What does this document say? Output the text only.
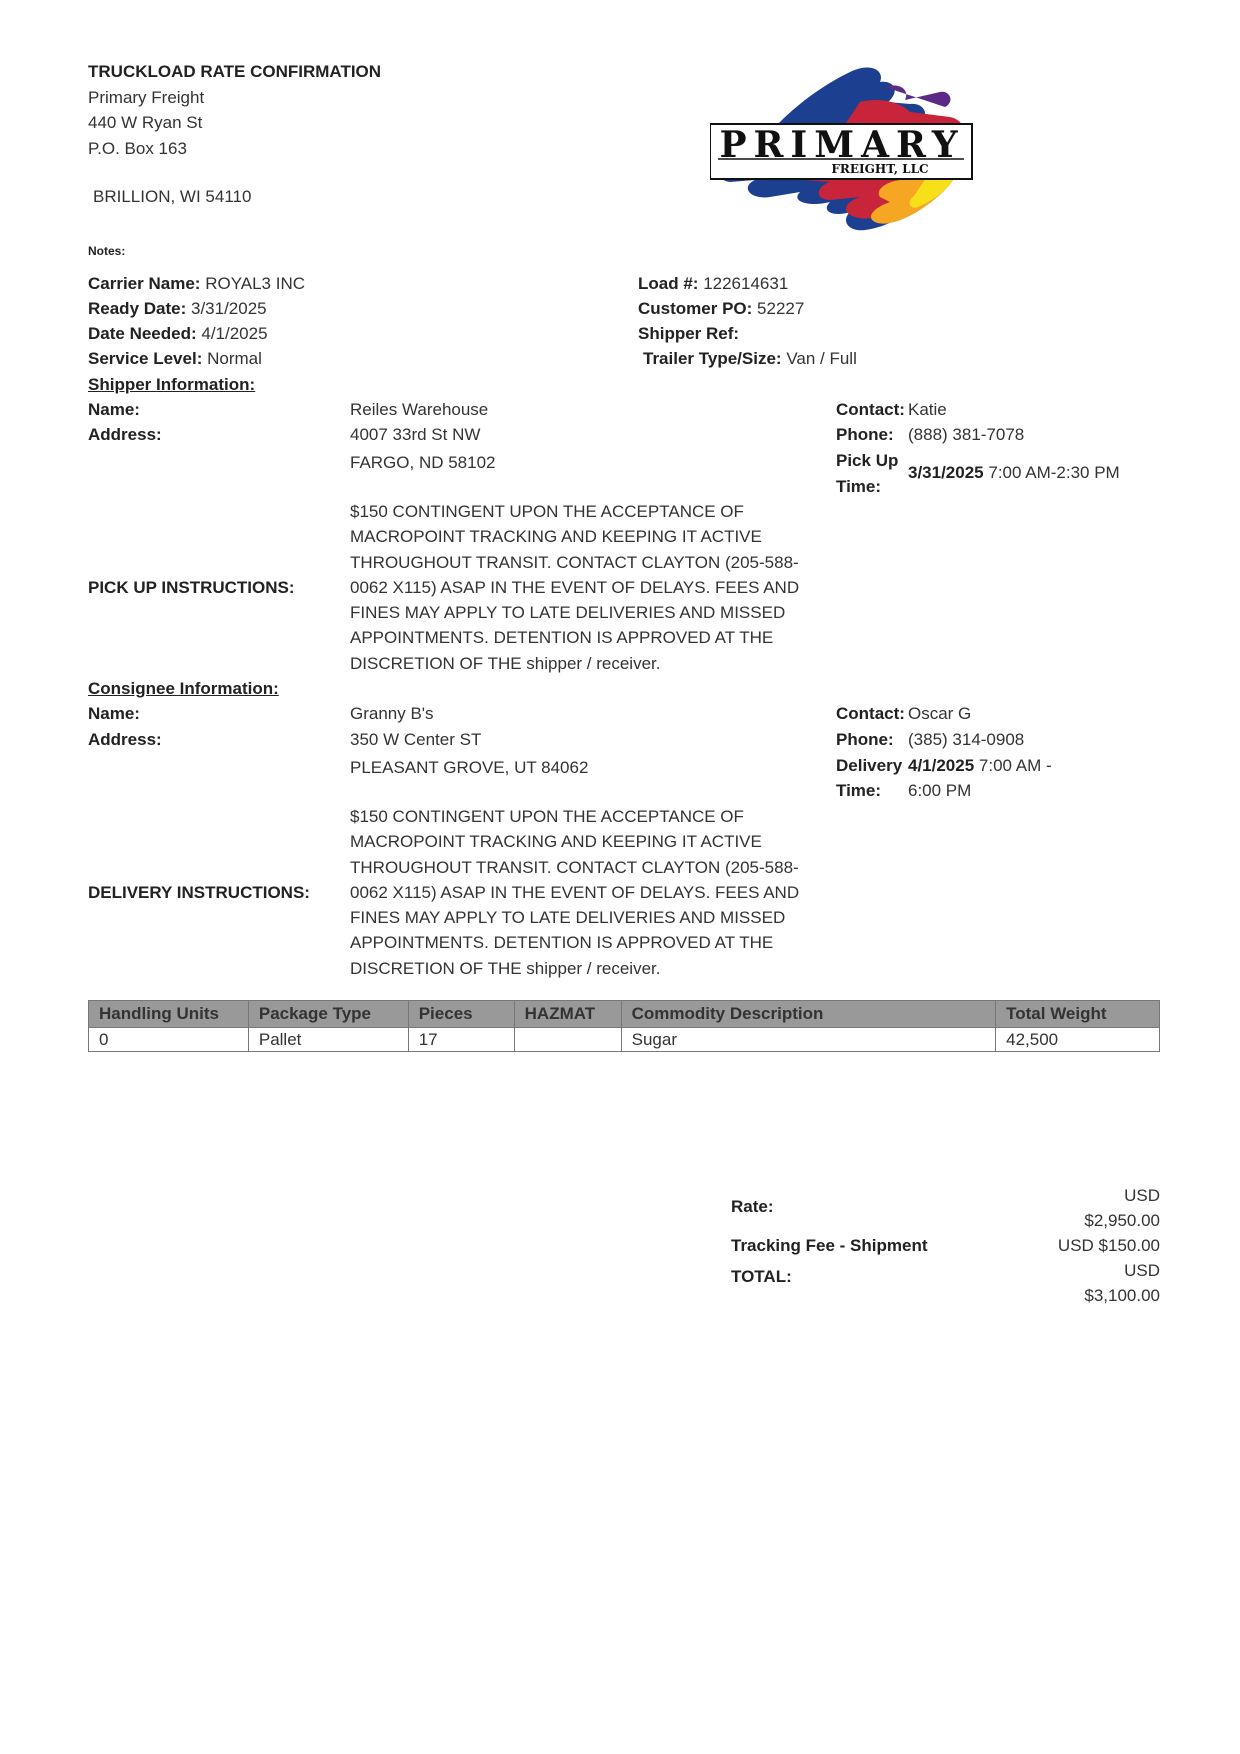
TRUCKLOAD RATE CONFIRMATION
Primary Freight
440 W Ryan St
P.O. Box 163
BRILLION, WI 54110
PRIMARY
FREIGHT, LLC
Notes:
Carrier Name: ROYAL3 INC
Ready Date: 3/31/2025
Date Needed: 4/1/2025
Service Level: Normal
Load #: 122614631
Customer PO: 52227
Shipper Ref:
Trailer Type/Size: Van / Full
Shipper Information:
Name:	Reiles Warehouse
Address:	4007 33rd St NW
FARGO, ND 58102
Contact: Katie
Phone: (888) 381-7078
Pick Up
Time:
3/31/2025 7:00 AM-2:30 PM
PICK UP INSTRUCTIONS:
$150 CONTINGENT UPON THE ACCEPTANCE OF
MACROPOINT TRACKING AND KEEPING IT ACTIVE
THROUGHOUT TRANSIT. CONTACT CLAYTON (205-588-
0062 X115) ASAP IN THE EVENT OF DELAYS. FEES AND
FINES MAY APPLY TO LATE DELIVERIES AND MISSED
APPOINTMENTS. DETENTION IS APPROVED AT THE
DISCRETION OF THE shipper / receiver.
Consignee Information:
Name:	Granny B's
Address:	350 W Center ST
PLEASANT GROVE, UT 84062
Contact: Oscar G
Phone: (385) 314-0908
Delivery 4/1/2025 7:00 AM -
Time: 6:00 PM
DELIVERY INSTRUCTIONS:
$150 CONTINGENT UPON THE ACCEPTANCE OF
MACROPOINT TRACKING AND KEEPING IT ACTIVE
THROUGHOUT TRANSIT. CONTACT CLAYTON (205-588-
0062 X115) ASAP IN THE EVENT OF DELAYS. FEES AND
FINES MAY APPLY TO LATE DELIVERIES AND MISSED
APPOINTMENTS. DETENTION IS APPROVED AT THE
DISCRETION OF THE shipper / receiver.
Handling Units	Package Type	Pieces	HAZMAT	Commodity Description	Total Weight
0	Pallet	17		Sugar	42,500
Rate:
USD
$2,950.00
Tracking Fee - Shipment	USD $150.00
TOTAL:	USD
$3,100.00
